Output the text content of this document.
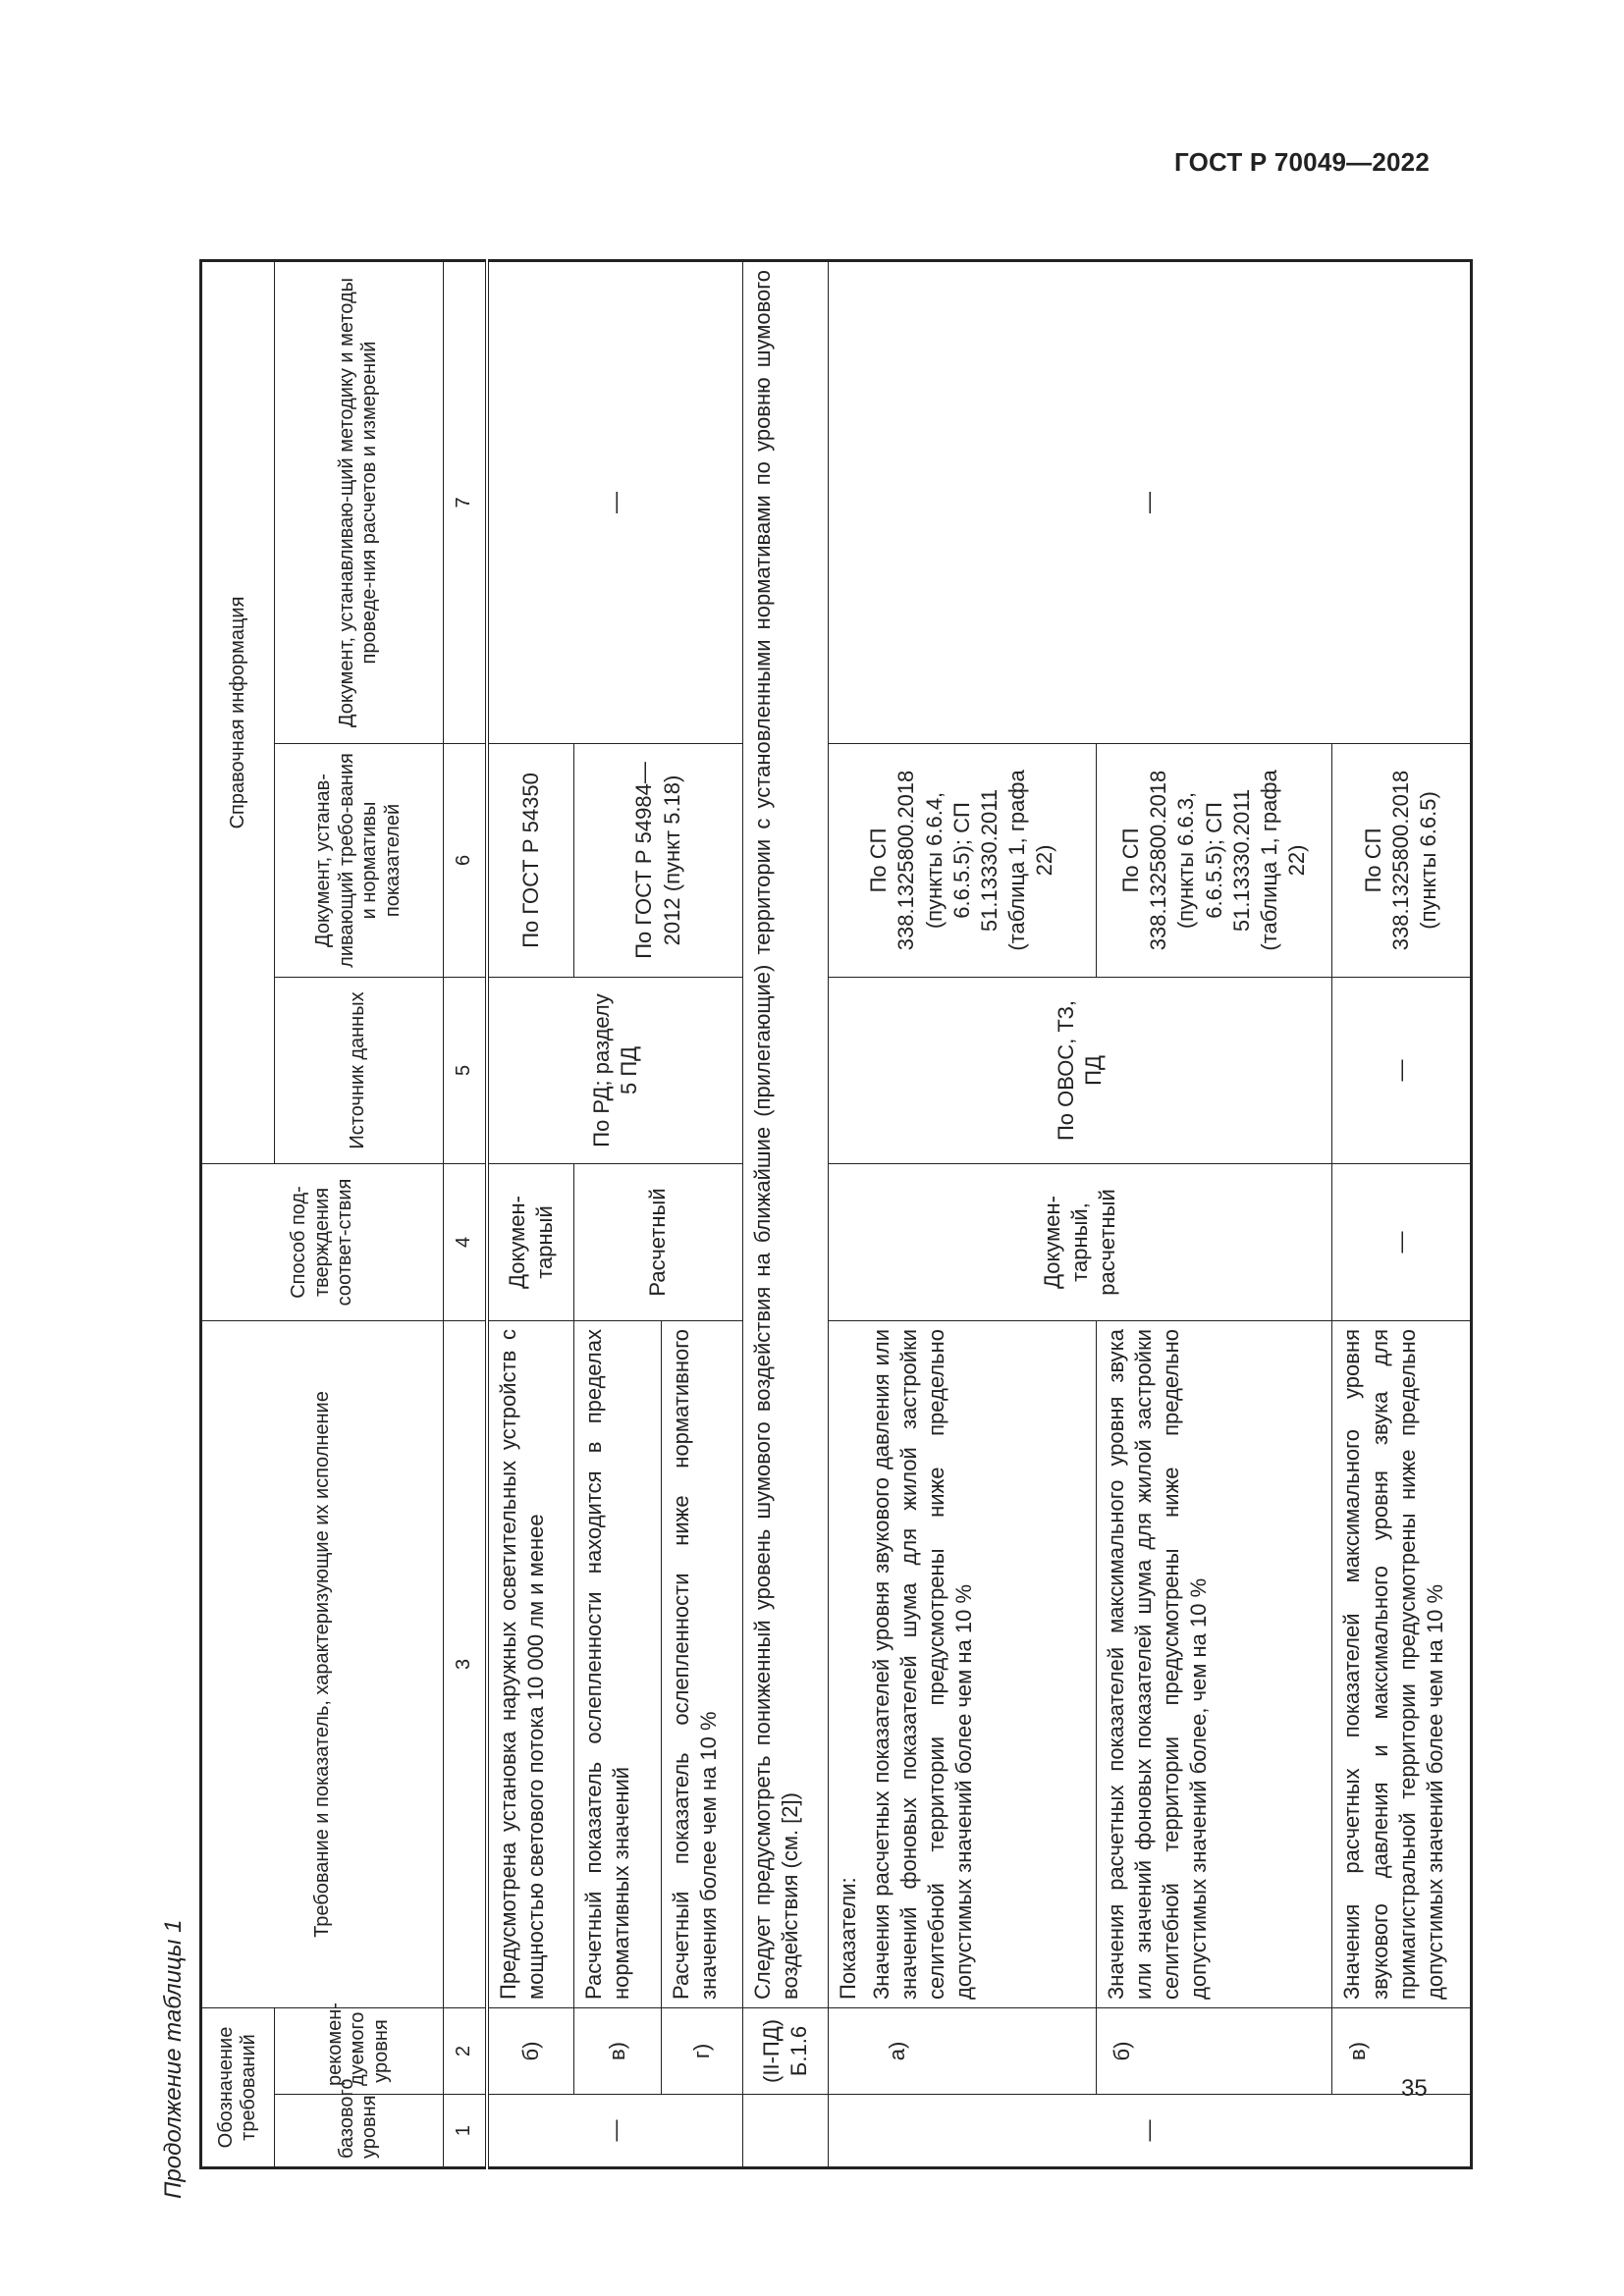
ГОСТ Р 70049—2022
35
Продолжение таблицы 1 Обозначение требований		Требование и показатель, характеризующие их исполнение	Способ под-тверждения соответ-ствия	Справочная информация		
базового уровня	рекомен-дуемого уровня			Источник данных	Документ, устанав-ливающий требо-вания и нормативы показателей	Документ, устанавливаю-щий методику и методы проведе-ния расчетов и измерений
1	2	3	4	5	6	7
—	б)	Предусмотрена установка наружных осветительных устройств с мощностью светового потока 10 000 лм и менее	Докумен-тарный	По РД; разделу 5 ПД	По ГОСТ Р 54350	—
	в)	Расчетный показатель ослепленности находится в пределах нормативных значений	Расчетный		По ГОСТ Р 54984—2012 (пункт 5.18)	
	г)	Расчетный показатель ослепленности ниже нормативного значения более чем на 10 %				
	(II-ПД) Б.1.6	Следует предусмотреть пониженный уровень шумового воздействия на ближайшие (прилегающие) территории с установленными нормативами по уровню шумового воздействия (см. [2])				
—	а)	Показатели: Значения расчетных показателей уровня звукового давления или значений фоновых показателей шума для жилой застройки селитебной территории предусмотрены ниже предельно допустимых значений более чем на 10 %	Докумен-тарный, расчетный	По ОВОС, ТЗ, ПД	По СП 338.1325800.2018 (пункты 6.6.4, 6.6.5.5); СП 51.13330.2011 (таблица 1, графа 22)	—
	б)	Значения расчетных показателей максимального уровня звука или значений фоновых показателей шума для жилой застройки селитебной территории предусмотрены ниже предельно допустимых значений более, чем на 10 %			По СП 338.1325800.2018 (пункты 6.6.3, 6.6.5.5); СП 51.13330.2011 (таблица 1, графа 22)	
	в)	Значения расчетных показателей максимального уровня звукового давления и максимального уровня звука для примагистральной территории предусмотрены ниже предельно допустимых значений более чем на 10 %	—	—	По СП 338.1325800.2018 (пункты 6.6.5)	
